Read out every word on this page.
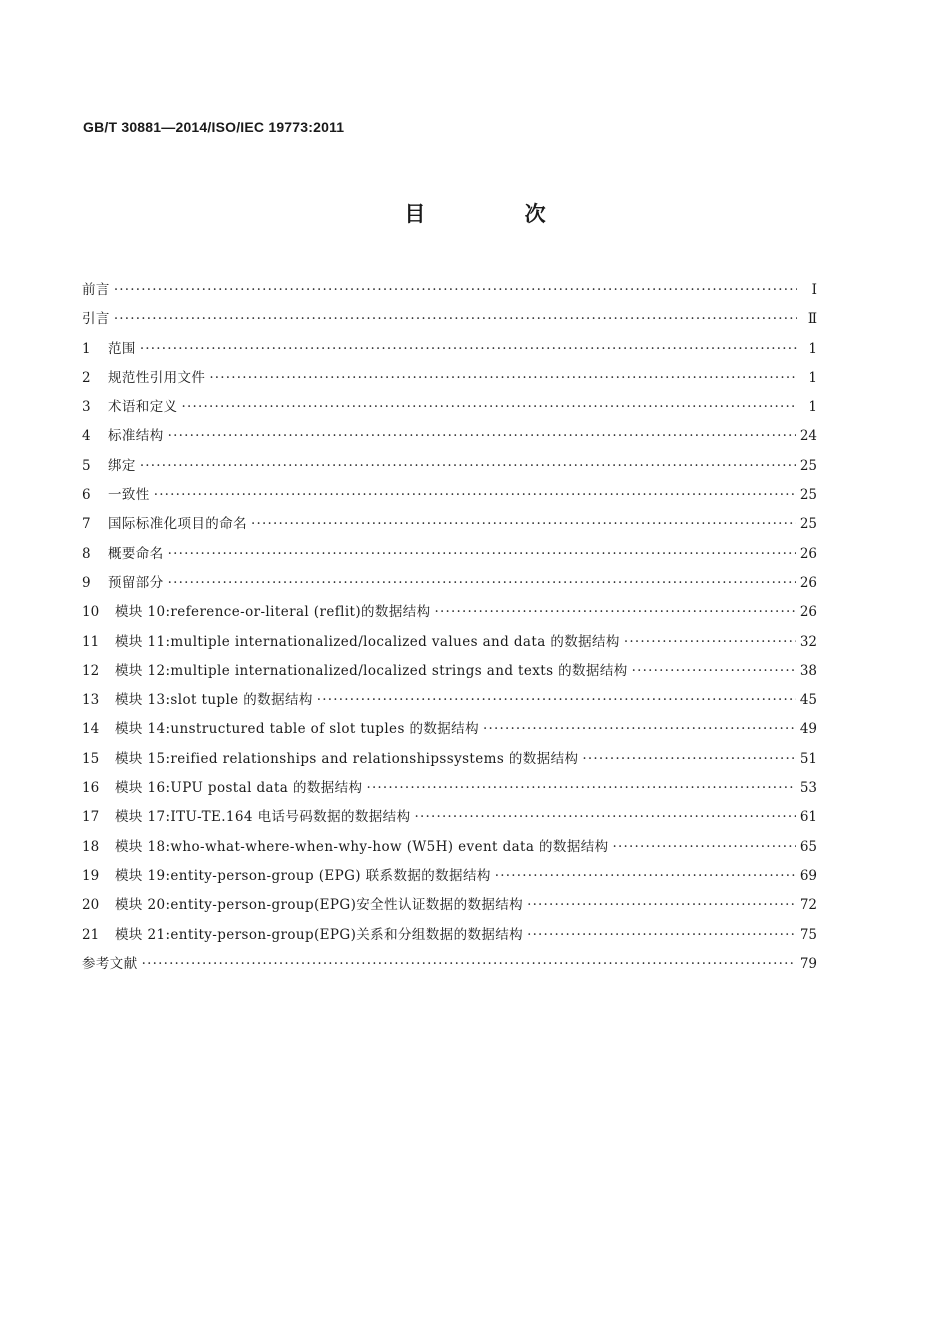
GB/T 30881—2014/ISO/IEC 19773:2011
目 次
前言 ·····	Ⅰ
引言 ·····	Ⅱ
1	范围 ·····	1
2	规范性引用文件 ·····	1
3	术语和定义 ·····	1
4	标准结构 ·····	24
5	绑定 ·····	25
6	一致性 ·····	25
7	国际标准化项目的命名 ·····	25
8	概要命名 ·····	26
9	预留部分 ·····	26
10	模块 10:reference-or-literal (reflit)的数据结构 ·····	26
11	模块 11:multiple internationalized/localized values and data 的数据结构 ·····	32
12	模块 12:multiple internationalized/localized strings and texts 的数据结构 ·····	38
13	模块 13:slot tuple 的数据结构 ·····	45
14	模块 14:unstructured table of slot tuples 的数据结构 ·····	49
15	模块 15:reified relationships and relationshipssystems 的数据结构 ·····	51
16	模块 16:UPU postal data 的数据结构 ·····	53
17	模块 17:ITU-TE.164 电话号码数据的数据结构 ·····	61
18	模块 18:who-what-where-when-why-how (W5H) event data 的数据结构 ·····	65
19	模块 19:entity-person-group (EPG) 联系数据的数据结构 ·····	69
20	模块 20:entity-person-group(EPG)安全性认证数据的数据结构 ·····	72
21	模块 21:entity-person-group(EPG)关系和分组数据的数据结构 ·····	75
参考文献 ·····	79
